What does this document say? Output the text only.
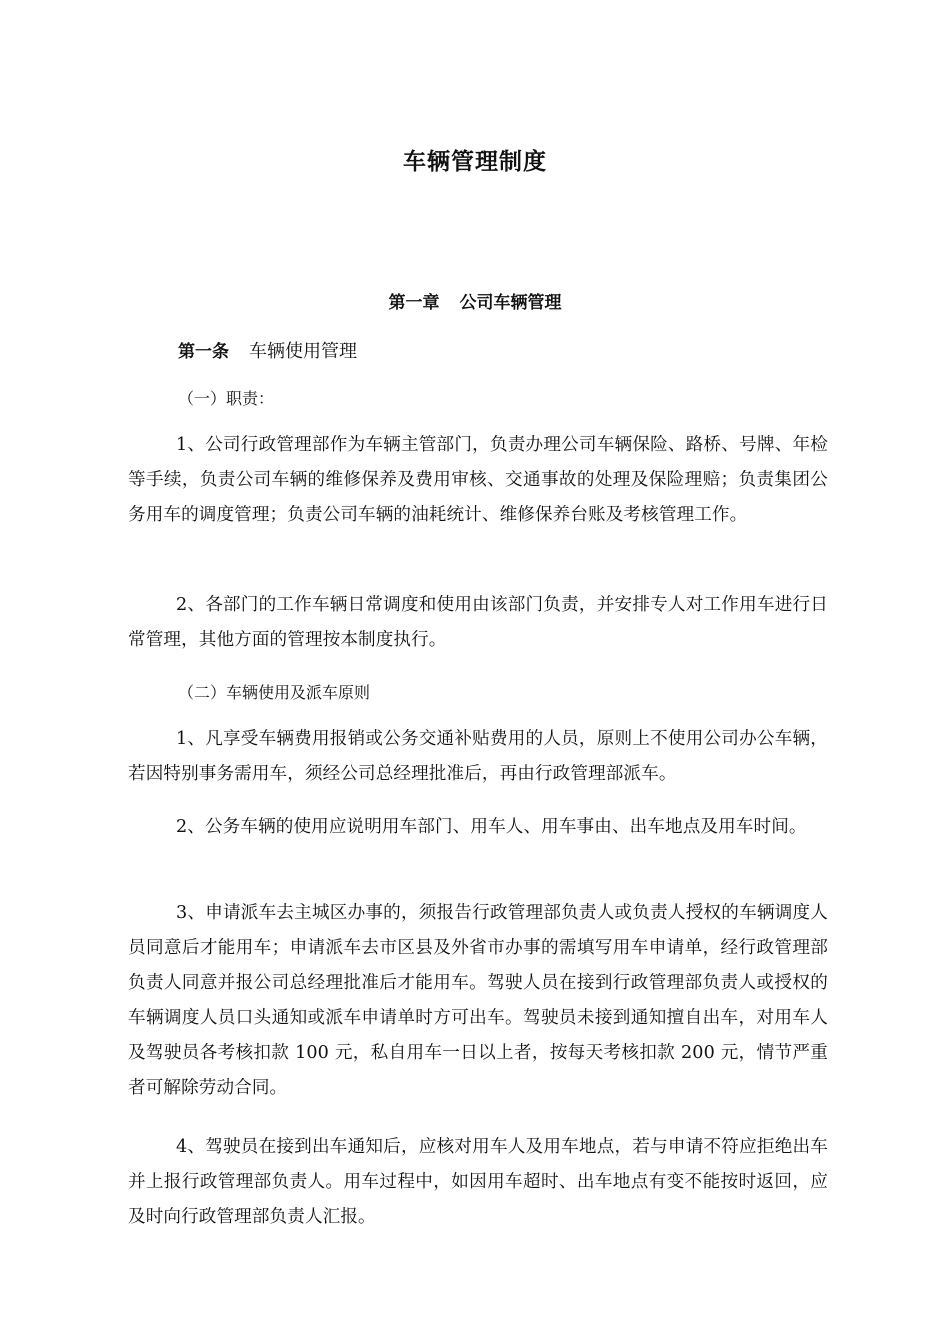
车辆管理制度
第一章 公司车辆管理
第一条 车辆使用管理
（一）职责：

1、公司行政管理部作为车辆主管部门，负责办理公司车辆保险、路桥、号牌、年检等手续，负责公司车辆的维修保养及费用审核、交通事故的处理及保险理赔；负责集团公务用车的调度管理；负责公司车辆的油耗统计、维修保养台账及考核管理工作。

2、各部门的工作车辆日常调度和使用由该部门负责，并安排专人对工作用车进行日常管理，其他方面的管理按本制度执行。

（二）车辆使用及派车原则

1、凡享受车辆费用报销或公务交通补贴费用的人员，原则上不使用公司办公车辆，若因特别事务需用车，须经公司总经理批准后，再由行政管理部派车。

2、公务车辆的使用应说明用车部门、用车人、用车事由、出车地点及用车时间。

3、申请派车去主城区办事的，须报告行政管理部负责人或负责人授权的车辆调度人员同意后才能用车；申请派车去市区县及外省市办事的需填写用车申请单，经行政管理部负责人同意并报公司总经理批准后才能用车。驾驶人员在接到行政管理部负责人或授权的车辆调度人员口头通知或派车申请单时方可出车。驾驶员未接到通知擅自出车，对用车人及驾驶员各考核扣款 100 元，私自用车一日以上者，按每天考核扣款 200 元，情节严重者可解除劳动合同。

4、驾驶员在接到出车通知后，应核对用车人及用车地点，若与申请不符应拒绝出车并上报行政管理部负责人。用车过程中，如因用车超时、出车地点有变不能按时返回，应及时向行政管理部负责人汇报。
